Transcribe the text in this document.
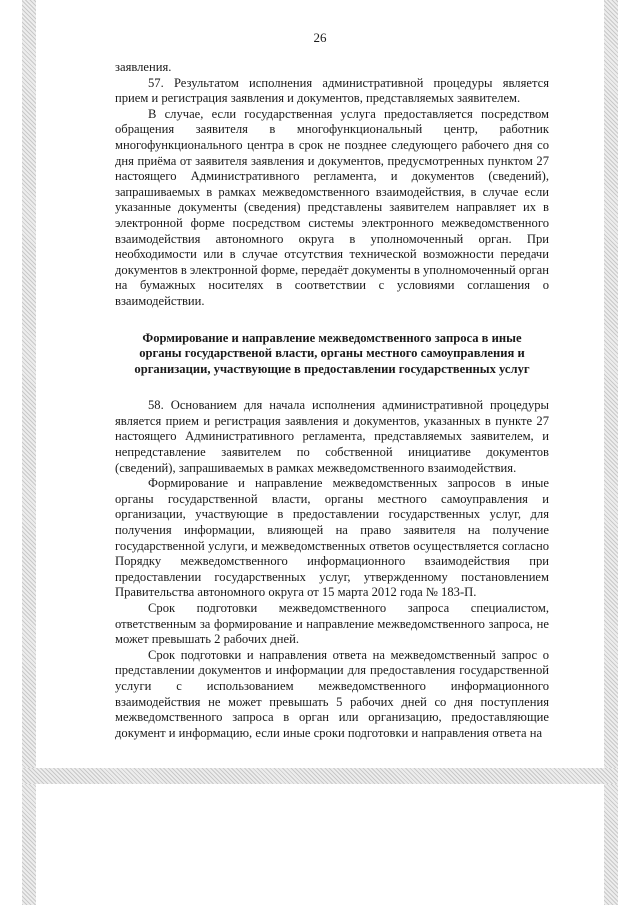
26

заявления.

57. Результатом исполнения административной процедуры является прием и регистрация заявления и документов, представляемых заявителем.

В случае, если государственная услуга предоставляется посредством обращения заявителя в многофункциональный центр, работник многофункционального центра в срок не позднее следующего рабочего дня со дня приёма от заявителя заявления и документов, предусмотренных пунктом 27 настоящего Административного регламента, и документов (сведений), запрашиваемых в рамках межведомственного взаимодействия, в случае если указанные документы (сведения) представлены заявителем направляет их в электронной форме посредством системы электронного межведомственного взаимодействия автономного округа в уполномоченный орган. При необходимости или в случае отсутствия технической возможности передачи документов в электронной форме, передаёт документы в уполномоченный орган на бумажных носителях в соответствии с условиями соглашения о взаимодействии.

Формирование и направление межведомственного запроса в иные органы государственой власти, органы местного самоуправления и организации, участвующие в предоставлении государственных услуг

58. Основанием для начала исполнения административной процедуры является прием и регистрация заявления и документов, указанных в пункте 27 настоящего Административного регламента, представляемых заявителем, и непредставление заявителем по собственной инициативе документов (сведений), запрашиваемых в рамках межведомственного взаимодействия.

Формирование и направление межведомственных запросов в иные органы государственной власти, органы местного самоуправления и организации, участвующие в предоставлении государственных услуг, для получения информации, влияющей на право заявителя на получение государственной услуги, и межведомственных ответов осуществляется согласно Порядку межведомственного информационного взаимодействия при предоставлении государственных услуг, утвержденному постановлением Правительства автономного округа от 15 марта 2012 года № 183-П.

Срок подготовки межведомственного запроса специалистом, ответственным за формирование и направление межведомственного запроса, не может превышать 2 рабочих дней.

Срок подготовки и направления ответа на межведомственный запрос о представлении документов и информации для предоставления государственной услуги с использованием межведомственного информационного взаимодействия не может превышать 5 рабочих дней со дня поступления межведомственного запроса в орган или организацию, предоставляющие документ и информацию, если иные сроки подготовки и направления ответа на
